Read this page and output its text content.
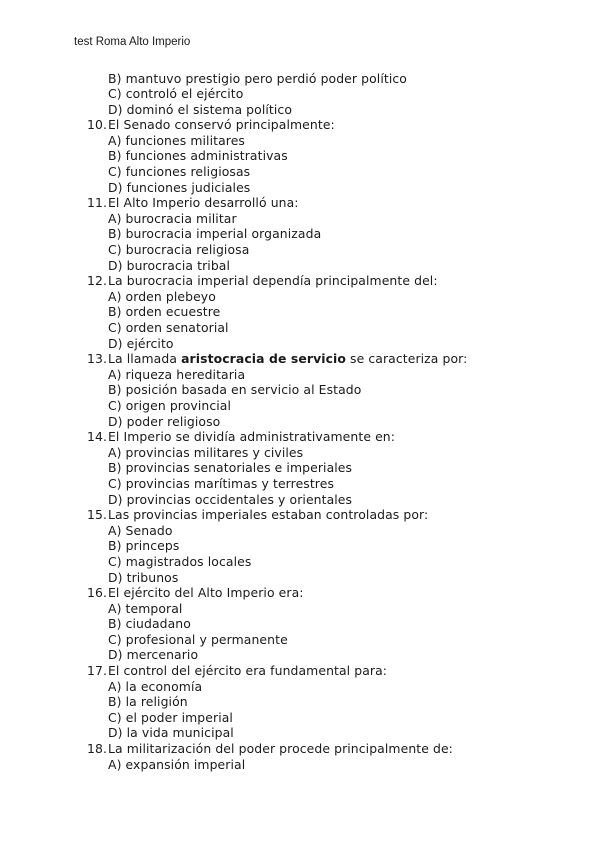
test Roma Alto Imperio
B) mantuvo prestigio pero perdió poder político
C) controló el ejército
D) dominó el sistema político
10. El Senado conservó principalmente:
A) funciones militares
B) funciones administrativas
C) funciones religiosas
D) funciones judiciales
11. El Alto Imperio desarrolló una:
A) burocracia militar
B) burocracia imperial organizada
C) burocracia religiosa
D) burocracia tribal
12. La burocracia imperial dependía principalmente del:
A) orden plebeyo
B) orden ecuestre
C) orden senatorial
D) ejército
13. La llamada aristocracia de servicio se caracteriza por:
A) riqueza hereditaria
B) posición basada en servicio al Estado
C) origen provincial
D) poder religioso
14. El Imperio se dividía administrativamente en:
A) provincias militares y civiles
B) provincias senatoriales e imperiales
C) provincias marítimas y terrestres
D) provincias occidentales y orientales
15. Las provincias imperiales estaban controladas por:
A) Senado
B) princeps
C) magistrados locales
D) tribunos
16. El ejército del Alto Imperio era:
A) temporal
B) ciudadano
C) profesional y permanente
D) mercenario
17. El control del ejército era fundamental para:
A) la economía
B) la religión
C) el poder imperial
D) la vida municipal
18. La militarización del poder procede principalmente de:
A) expansión imperial
